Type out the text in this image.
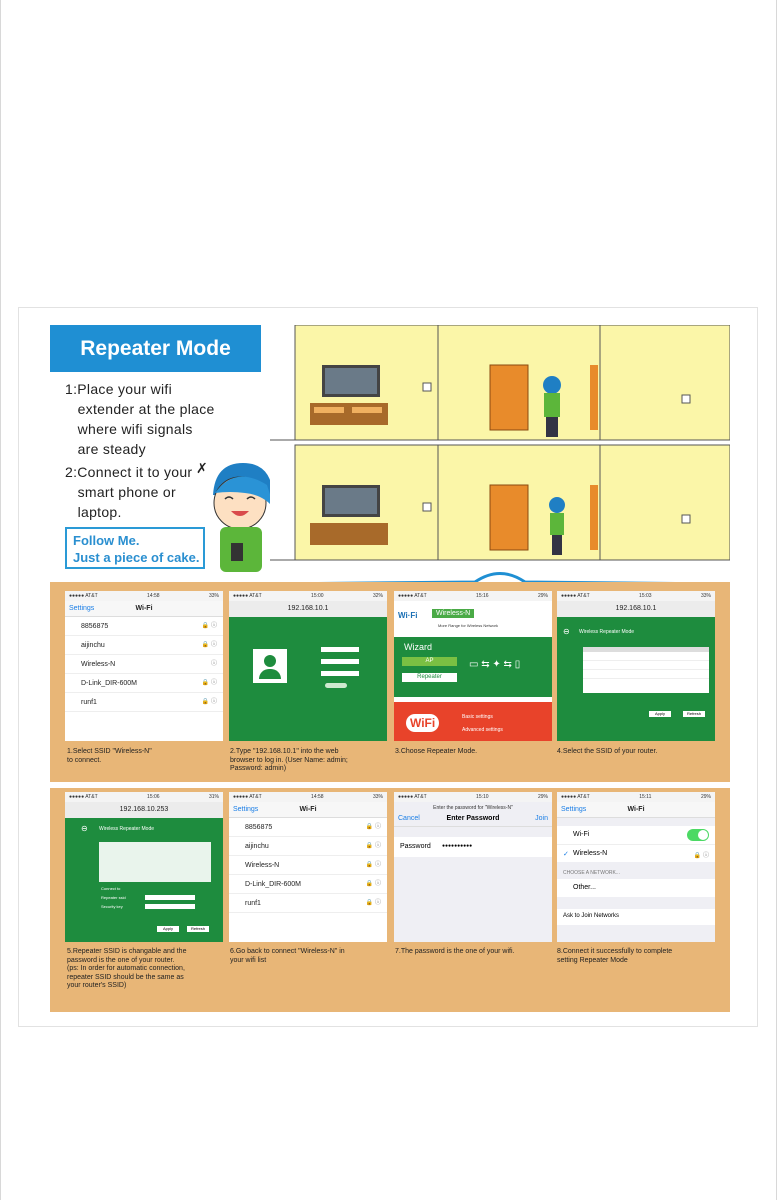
Repeater Mode
1:Place your wifi
extender at the place
where wifi signals
are steady
2:Connect it to your
smart phone or
laptop.
Follow Me.
Just a piece of cake.
✗
●●●●● AT&T	14:58	33%
Settings	Wi-Fi
8856875	🔒 ⓘ
aijinchu	🔒 ⓘ
Wireless-N	ⓘ
D-Link_DIR-600M	🔒 ⓘ
runf1	🔒 ⓘ
●●●●● AT&T	15:00	32%
192.168.10.1
●●●●● AT&T	15:16	29%
Wi·Fi	Wireless-N
More Range for Wireless Network
Wizard
AP
Repeater
▭ ⇆ ✦ ⇆ ▯
WiFi	Basic settings
Advanced settings
●●●●● AT&T	15:03	33%
192.168.10.1
⊖ Wireless Repeater Mode
Apply	Refresh
1.Select SSID "Wireless-N"
to connect.
2.Type "192.168.10.1" into the web
browser to log in. (User Name: admin;
Password: admin)
3.Choose Repeater Mode.	4.Select the SSID of your router.
●●●●● AT&T	15:06	31%
192.168.10.253
⊖ Wireless Repeater Mode
Connect to
Repeater ssid
Security key
Apply	Refresh
●●●●● AT&T	14:58	33%
Settings	Wi-Fi
8856875	🔒 ⓘ
aijinchu	🔒 ⓘ
Wireless-N	🔒 ⓘ
D-Link_DIR-600M	🔒 ⓘ
runf1	🔒 ⓘ
●●●●● AT&T	15:10	29%
Enter the password for "Wireless-N"
Cancel	Enter Password	Join
Password ●●●●●●●●●●
●●●●● AT&T	15:11	29%
Settings	Wi-Fi
Wi-Fi
✓ Wireless-N	🔒 ⓘ
CHOOSE A NETWORK...
Other...
Ask to Join Networks
5.Repeater SSID is changable and the
password is the one of your router.
(ps: In order for automatic connection,
repeater SSID should be the same as
your router's SSID)
6.Go back to connect "Wireless-N" in
your wifi list
7.The password is the one of your wifi.	8.Connect it successfully to complete
setting Repeater Mode
